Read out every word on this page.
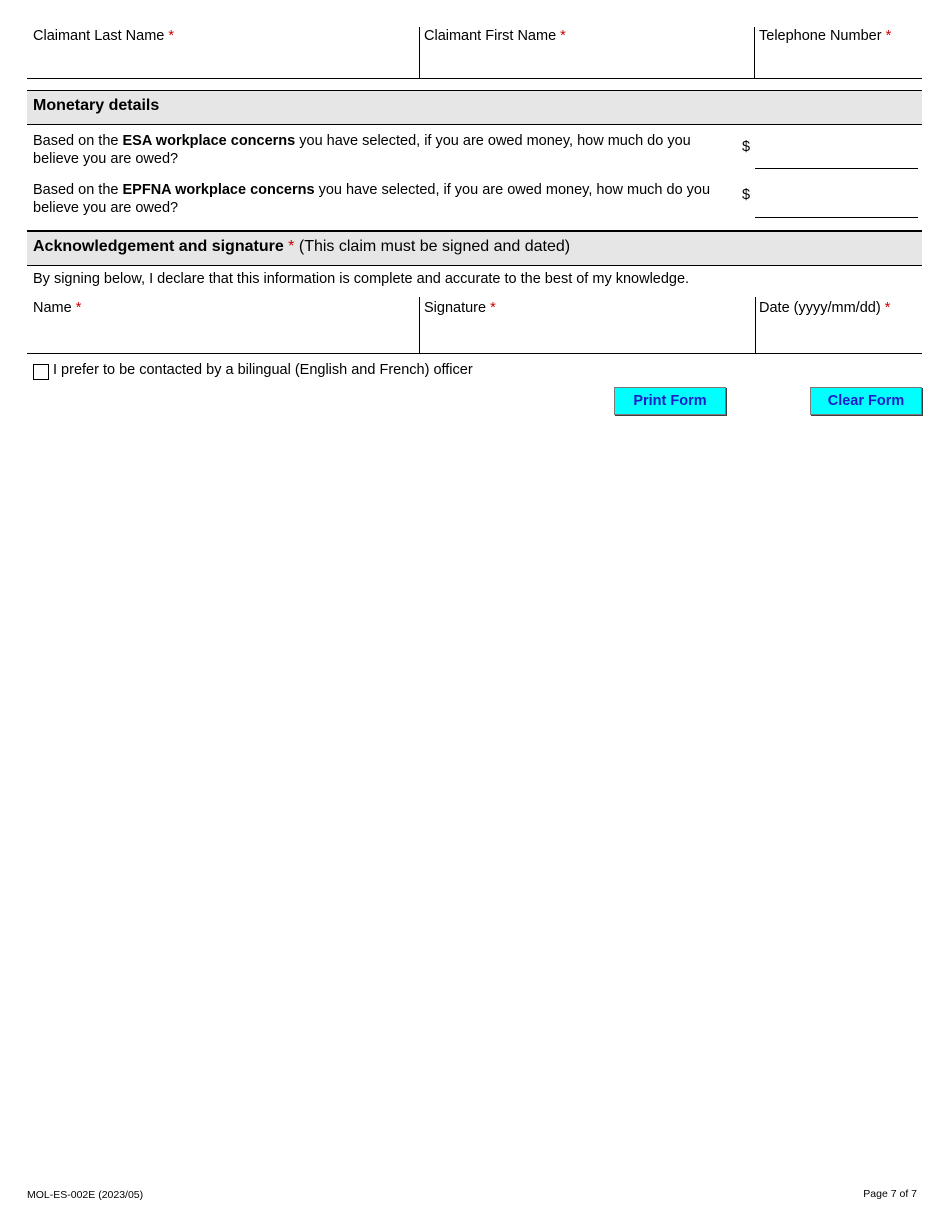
Claimant Last Name *	Claimant First Name *	Telephone Number *
Monetary details
Based on the ESA workplace concerns you have selected, if you are owed money, how much do you believe you are owed?
$
Based on the EPFNA workplace concerns you have selected, if you are owed money, how much do you believe you are owed?
$
Acknowledgement and signature * (This claim must be signed and dated)
By signing below, I declare that this information is complete and accurate to the best of my knowledge.
Name *	Signature *	Date (yyyy/mm/dd) *
I prefer to be contacted by a bilingual (English and French) officer
Print Form	Clear Form
MOL-ES-002E (2023/05)	Page 7 of 7
